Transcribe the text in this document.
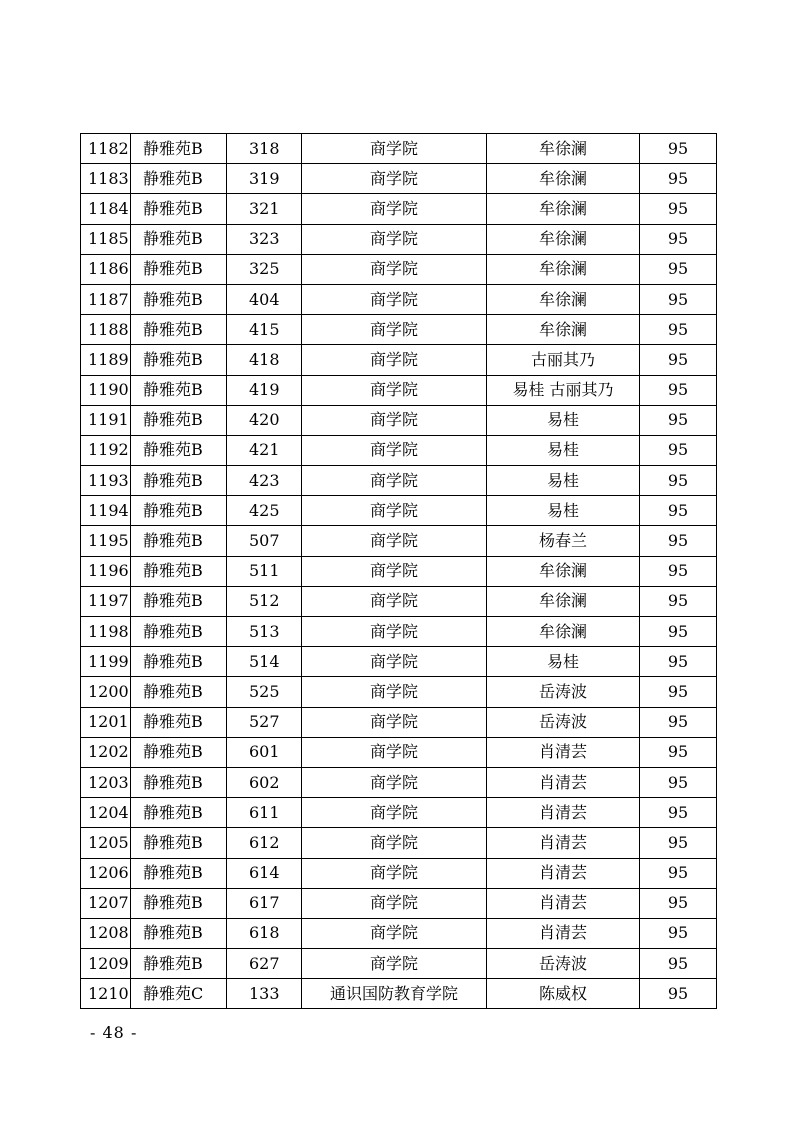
1182	静雅苑B	318	商学院	牟徐澜	95
1183	静雅苑B	319	商学院	牟徐澜	95
1184	静雅苑B	321	商学院	牟徐澜	95
1185	静雅苑B	323	商学院	牟徐澜	95
1186	静雅苑B	325	商学院	牟徐澜	95
1187	静雅苑B	404	商学院	牟徐澜	95
1188	静雅苑B	415	商学院	牟徐澜	95
1189	静雅苑B	418	商学院	古丽其乃	95
1190	静雅苑B	419	商学院	易桂 古丽其乃	95
1191	静雅苑B	420	商学院	易桂	95
1192	静雅苑B	421	商学院	易桂	95
1193	静雅苑B	423	商学院	易桂	95
1194	静雅苑B	425	商学院	易桂	95
1195	静雅苑B	507	商学院	杨春兰	95
1196	静雅苑B	511	商学院	牟徐澜	95
1197	静雅苑B	512	商学院	牟徐澜	95
1198	静雅苑B	513	商学院	牟徐澜	95
1199	静雅苑B	514	商学院	易桂	95
1200	静雅苑B	525	商学院	岳涛波	95
1201	静雅苑B	527	商学院	岳涛波	95
1202	静雅苑B	601	商学院	肖清芸	95
1203	静雅苑B	602	商学院	肖清芸	95
1204	静雅苑B	611	商学院	肖清芸	95
1205	静雅苑B	612	商学院	肖清芸	95
1206	静雅苑B	614	商学院	肖清芸	95
1207	静雅苑B	617	商学院	肖清芸	95
1208	静雅苑B	618	商学院	肖清芸	95
1209	静雅苑B	627	商学院	岳涛波	95
1210	静雅苑C	133	通识国防教育学院	陈威权	95
- 48 -
